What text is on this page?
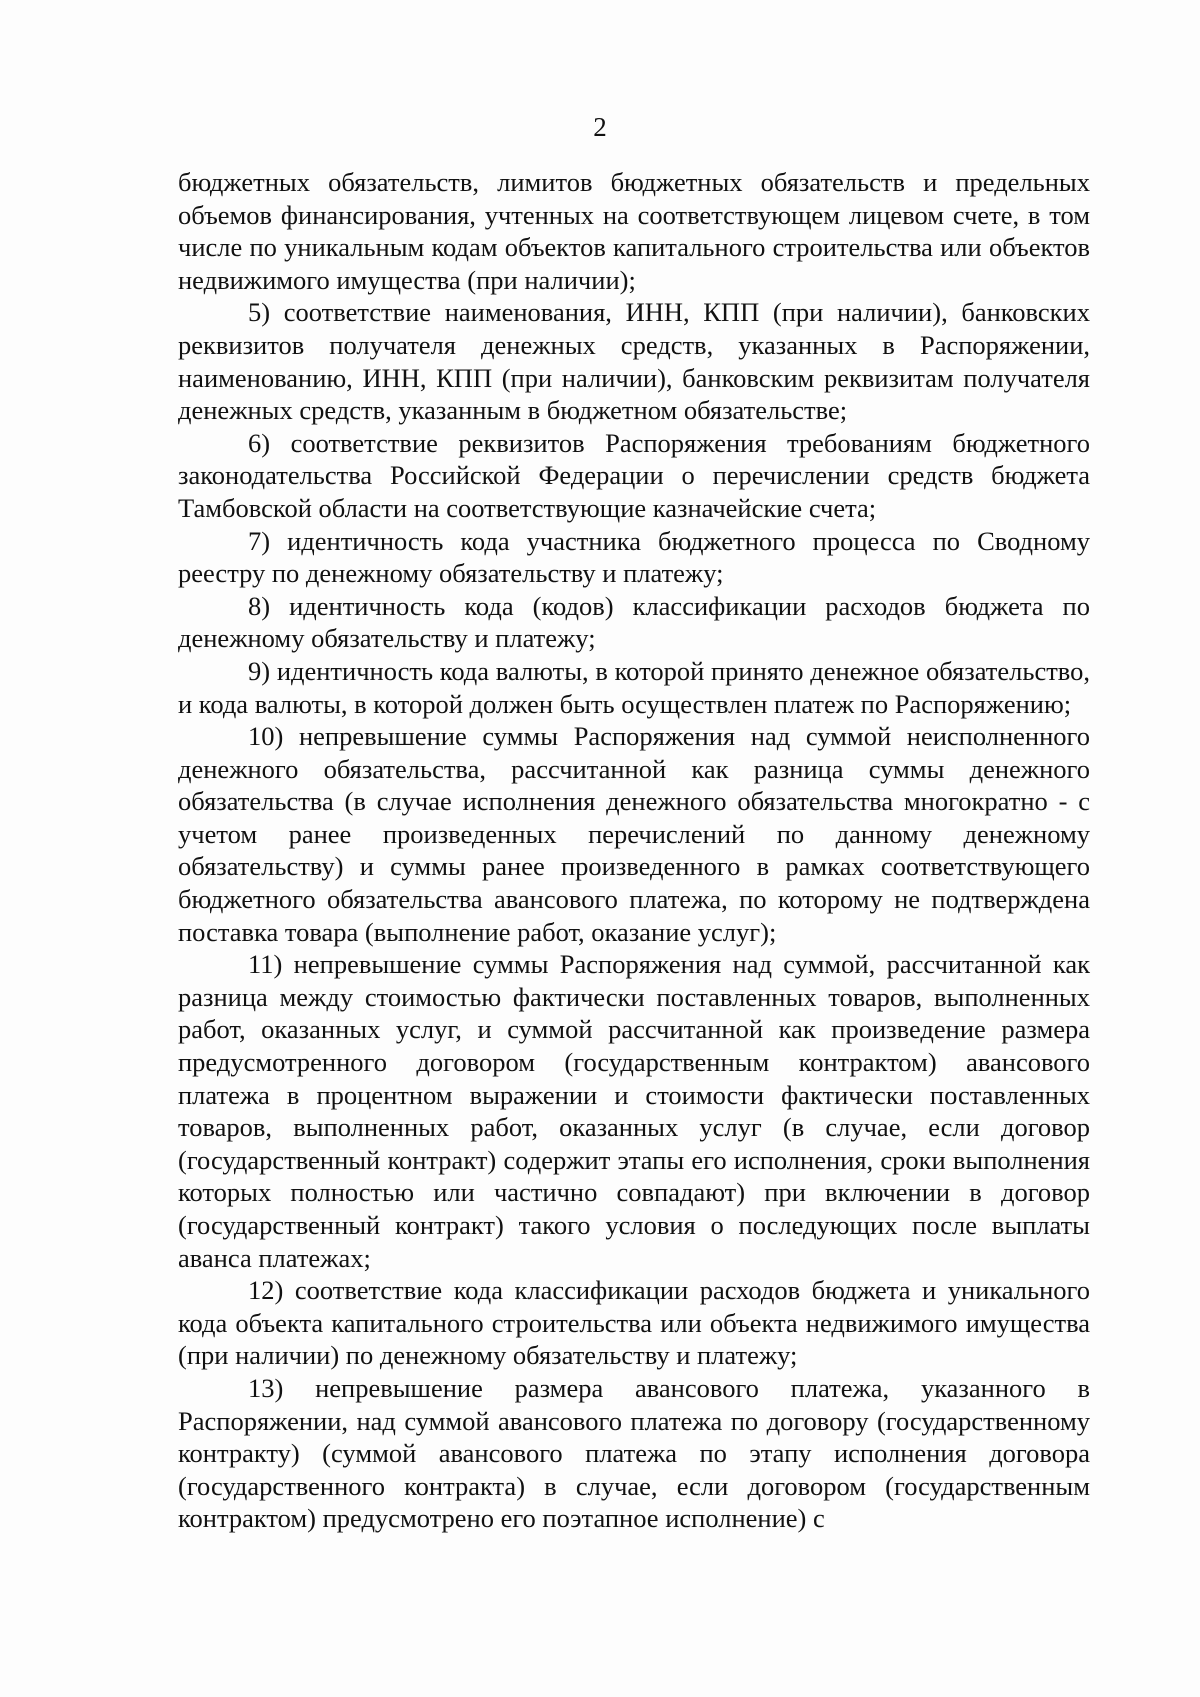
2

бюджетных обязательств, лимитов бюджетных обязательств и предельных объемов финансирования, учтенных на соответствующем лицевом счете, в том числе по уникальным кодам объектов капитального строительства или объектов недвижимого имущества (при наличии);

5) соответствие наименования, ИНН, КПП (при наличии), банковских реквизитов получателя денежных средств, указанных в Распоряжении, наименованию, ИНН, КПП (при наличии), банковским реквизитам получателя денежных средств, указанным в бюджетном обязательстве;

6) соответствие реквизитов Распоряжения требованиям бюджетного законодательства Российской Федерации о перечислении средств бюджета Тамбовской области на соответствующие казначейские счета;

7) идентичность кода участника бюджетного процесса по Сводному реестру по денежному обязательству и платежу;

8) идентичность кода (кодов) классификации расходов бюджета по денежному обязательству и платежу;

9) идентичность кода валюты, в которой принято денежное обязательство, и кода валюты, в которой должен быть осуществлен платеж по Распоряжению;

10) непревышение суммы Распоряжения над суммой неисполненного денежного обязательства, рассчитанной как разница суммы денежного обязательства (в случае исполнения денежного обязательства многократно - с учетом ранее произведенных перечислений по данному денежному обязательству) и суммы ранее произведенного в рамках соответствующего бюджетного обязательства авансового платежа, по которому не подтверждена поставка товара (выполнение работ, оказание услуг);

11) непревышение суммы Распоряжения над суммой, рассчитанной как разница между стоимостью фактически поставленных товаров, выполненных работ, оказанных услуг, и суммой рассчитанной как произведение размера предусмотренного договором (государственным контрактом) авансового платежа в процентном выражении и стоимости фактически поставленных товаров, выполненных работ, оказанных услуг (в случае, если договор (государственный контракт) содержит этапы его исполнения, сроки выполнения которых полностью или частично совпадают) при включении в договор (государственный контракт) такого условия о последующих после выплаты аванса платежах;

12) соответствие кода классификации расходов бюджета и уникального кода объекта капитального строительства или объекта недвижимого имущества (при наличии) по денежному обязательству и платежу;

13) непревышение размера авансового платежа, указанного в Распоряжении, над суммой авансового платежа по договору (государственному контракту) (суммой авансового платежа по этапу исполнения договора (государственного контракта) в случае, если договором (государственным контрактом) предусмотрено его поэтапное исполнение) с
